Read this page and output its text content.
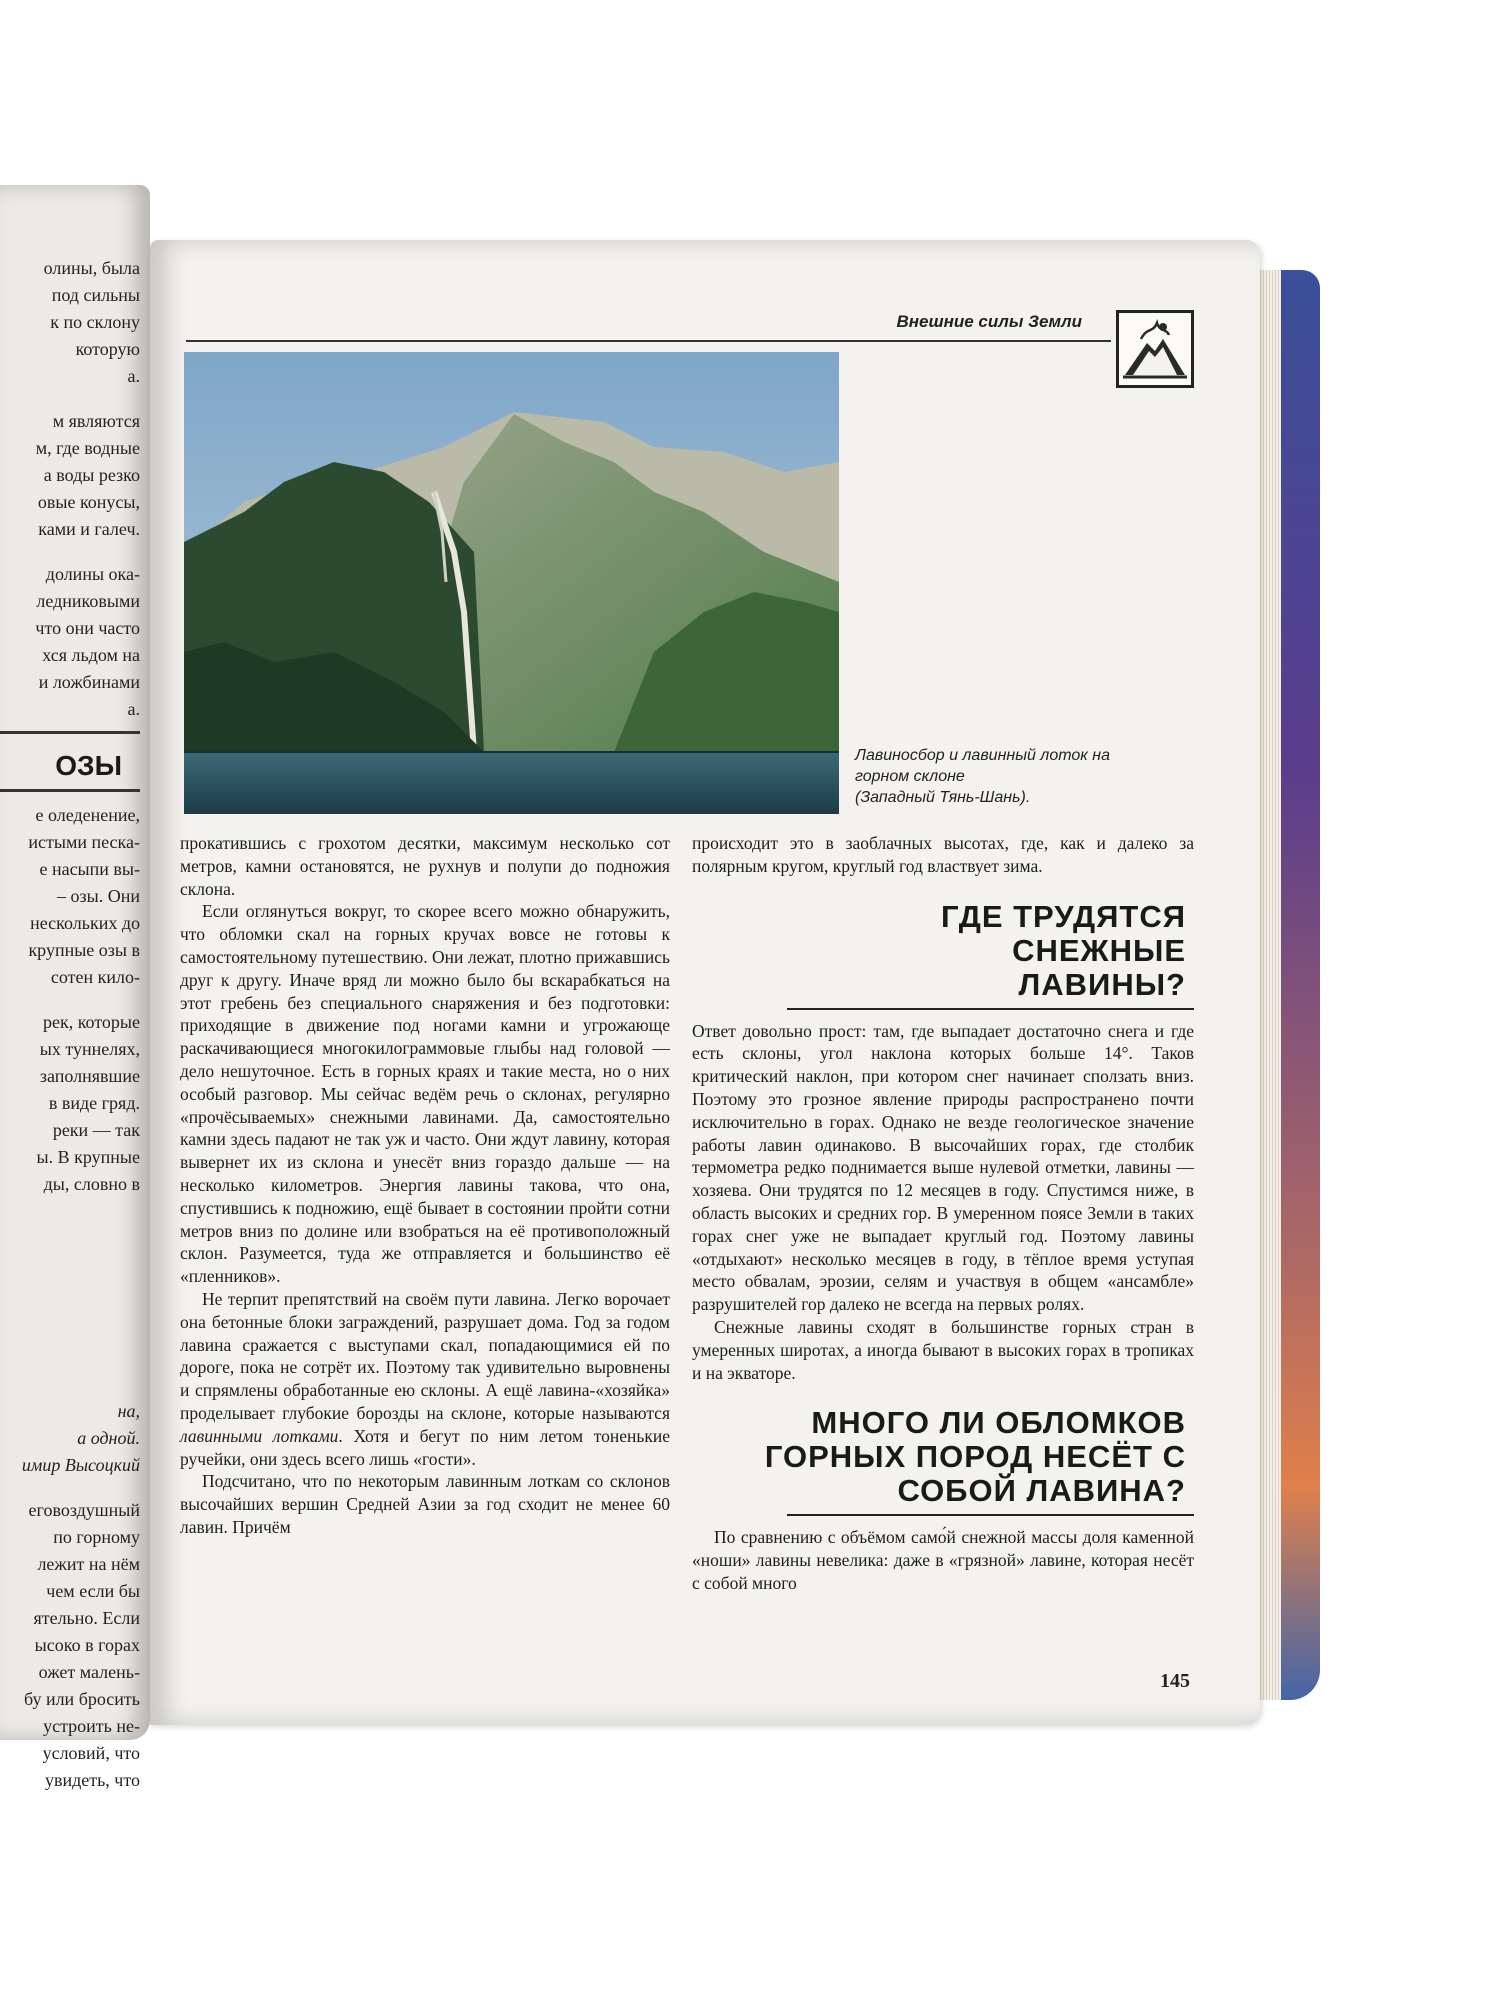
олины, была
под сильны
к по склону
которую
а.
м являются
м, где водные
а воды резко
овые конусы,
ками и галеч.
долины ока-
ледниковыми
что они часто
хся льдом на
и ложбинами
а.
ОЗЫ
е оледенение,
истыми песка-
е насыпи вы-
– озы. Они
нескольких до
крупные озы в
сотен кило-
рек, которые
ых туннелях,
заполнявшие
в виде гряд.
реки — так
ы. В крупные
ды, словно в
на,
а одной.
имир Высоцкий
еговоздушный
по горному
лежит на нём
чем если бы
ятельно. Если
ысоко в горах
ожет малень-
бу или бросить
устроить не-
условий, что
увидеть, что
Внешние силы Земли
Лавиносбор и лавинный лоток на
горном склоне
(Западный Тянь-Шань).

прокатившись с грохотом десятки, максимум несколько сот метров, камни остановятся, не рухнув и полупи до подножия склона.

Если оглянуться вокруг, то скорее всего можно обнаружить, что обломки скал на горных кручах вовсе не готовы к самостоятельному путешествию. Они лежат, плотно прижавшись друг к другу. Иначе вряд ли можно было бы вскарабкаться на этот гребень без специального снаряжения и без подготовки: приходящие в движение под ногами камни и угрожающе раскачивающиеся многокилограммовые глыбы над головой — дело нешуточное. Есть в горных краях и такие места, но о них особый разговор. Мы сейчас ведём речь о склонах, регулярно «прочёсываемых» снежными лавинами. Да, самостоятельно камни здесь падают не так уж и часто. Они ждут лавину, которая вывернет их из склона и унесёт вниз гораздо дальше — на несколько километров. Энергия лавины такова, что она, спустившись к подножию, ещё бывает в состоянии пройти сотни метров вниз по долине или взобраться на её противоположный склон. Разумеется, туда же отправляется и большинство её «пленников».

Не терпит препятствий на своём пути лавина. Легко ворочает она бетонные блоки заграждений, разрушает дома. Год за годом лавина сражается с выступами скал, попадающимися ей по дороге, пока не сотрёт их. Поэтому так удивительно выровнены и спрямлены обработанные ею склоны. А ещё лавина-«хозяйка» проделывает глубокие борозды на склоне, которые называются лавинными лотками. Хотя и бегут по ним летом тоненькие ручейки, они здесь всего лишь «гости».

Подсчитано, что по некоторым лавинным лоткам со склонов высочайших вершин Средней Азии за год сходит не менее 60 лавин. Причём

происходит это в заоблачных высотах, где, как и далеко за полярным кругом, круглый год властвует зима.

ГДЕ ТРУДЯТСЯ СНЕЖНЫЕ ЛАВИНЫ?

Ответ довольно прост: там, где выпадает достаточно снега и где есть склоны, угол наклона которых больше 14°. Таков критический наклон, при котором снег начинает сползать вниз. Поэтому это грозное явление природы распространено почти исключительно в горах. Однако не везде геологическое значение работы лавин одинаково. В высочайших горах, где столбик термометра редко поднимается выше нулевой отметки, лавины — хозяева. Они трудятся по 12 месяцев в году. Спустимся ниже, в область высоких и средних гор. В умеренном поясе Земли в таких горах снег уже не выпадает круглый год. Поэтому лавины «отдыхают» несколько месяцев в году, в тёплое время уступая место обвалам, эрозии, селям и участвуя в общем «ансамбле» разрушителей гор далеко не всегда на первых ролях.

Снежные лавины сходят в большинстве горных стран в умеренных широтах, а иногда бывают в высоких горах в тропиках и на экваторе.

МНОГО ЛИ ОБЛОМКОВ ГОРНЫХ ПОРОД НЕСЁТ С СОБОЙ ЛАВИНА?

По сравнению с объёмом само́й снежной массы доля каменной «ноши» лавины невелика: даже в «грязной» лавине, которая несёт с собой много

145
